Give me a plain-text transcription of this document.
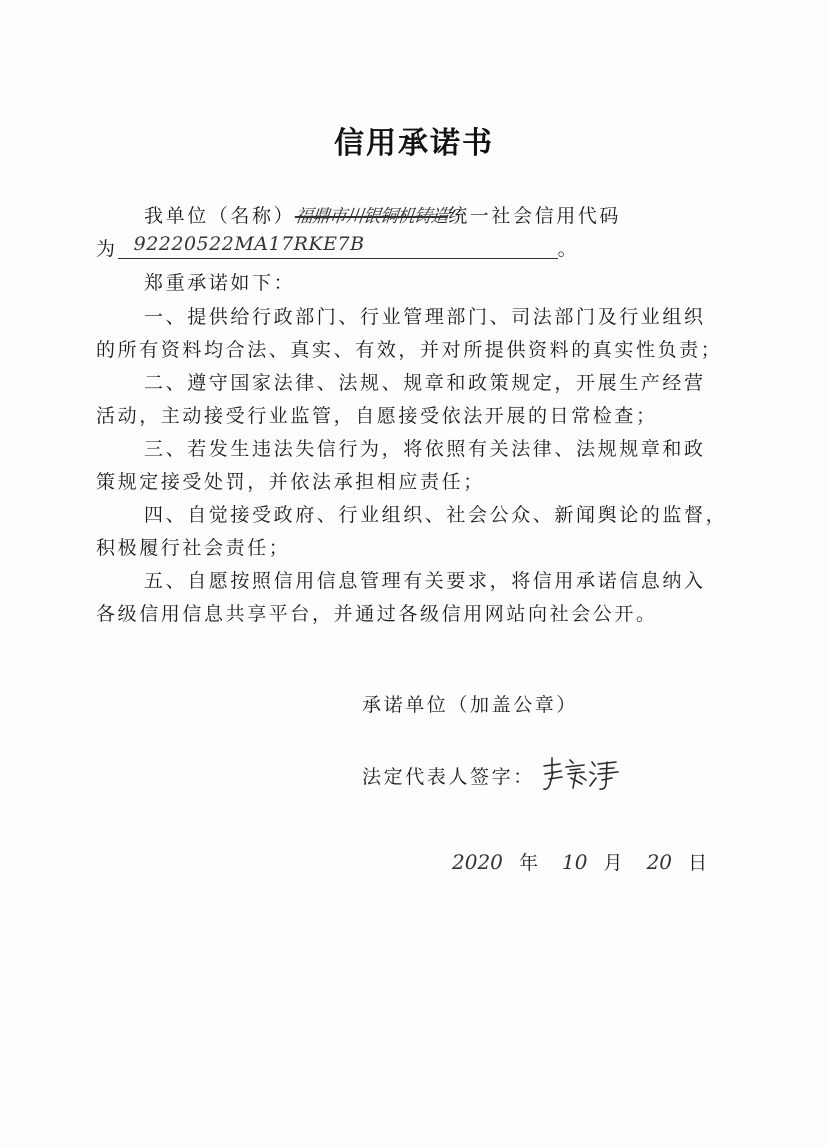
信用承诺书
我单位（名称）福鼎市川银铜机铸造统一社会信用代码
为 92220522MA17RKE7B	。
郑重承诺如下：
一、提供给行政部门、行业管理部门、司法部门及行业组织
的所有资料均合法、真实、有效，并对所提供资料的真实性负责；
二、遵守国家法律、法规、规章和政策规定，开展生产经营
活动，主动接受行业监管，自愿接受依法开展的日常检查；
三、若发生违法失信行为，将依照有关法律、法规规章和政
策规定接受处罚，并依法承担相应责任；
四、自觉接受政府、行业组织、社会公众、新闻舆论的监督，
积极履行社会责任；
五、自愿按照信用信息管理有关要求，将信用承诺信息纳入
各级信用信息共享平台，并通过各级信用网站向社会公开。
承诺单位（加盖公章）
法定代表人签字：
2020 年 10 月 20 日
